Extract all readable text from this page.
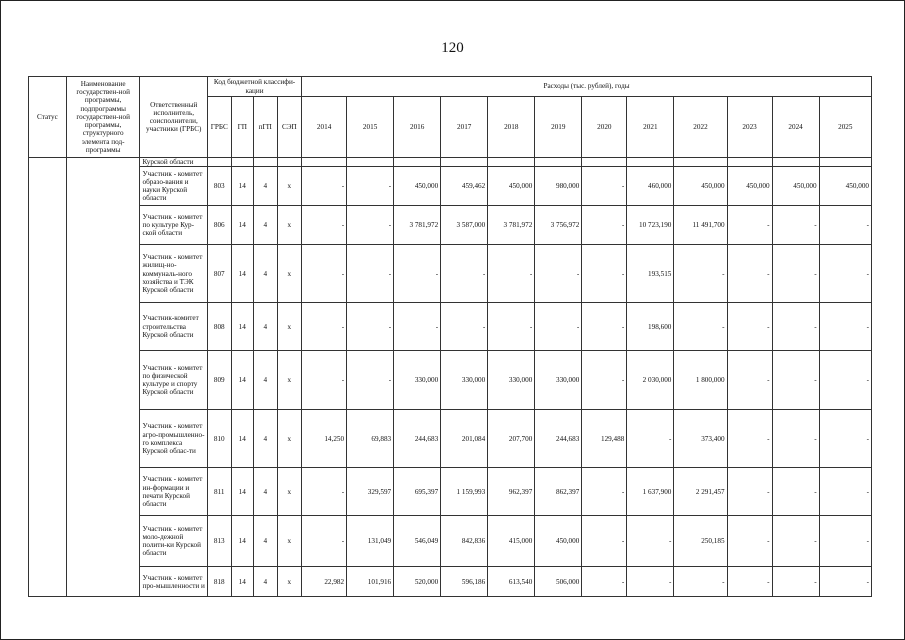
120
Статус	Наименование государствен-ной программы, подпрограммы государствен-ной программы, структурного элемента под-программы	Ответственный исполнитель, соисполнители, участники (ГРБС)	Код бюджетной классифи-кации				Расходы (тыс. рублей), годы											
			ГРБС	ГП	пГП	СЭП	2014	2015	2016	2017	2018	2019	2020	2021	2022	2023	2024	2025
		Курской области																
		Участник - комитет образо-вания и науки Курской области	803	14	4	х	-	-	450,000	459,462	450,000	980,000	-	460,000	450,000	450,000	450,000	450,000
		Участник - комитет по культуре Кур-ской области	806	14	4	х	-	-	3 781,972	3 587,000	3 781,972	3 756,972	-	10 723,190	11 491,700	-	-	-
		Участник - комитет жилищ-но-коммуналь-ного хозяйства и ТЭК Курской области	807	14	4	х	-	-	-	-	-	-	-	193,515	-	-	-	-
		Участник-комитет строительства Курской области	808	14	4	х	-	-	-	-	-	-	-	198,600	-	-	-	-
		Участник - комитет по физической культуре и спорту Курской области	809	14	4	х	-	-	330,000	330,000	330,000	330,000	-	2 030,000	1 800,000	-	-	-
		Участник - комитет агро-промышленно-го комплекса Курской облас-ти	810	14	4	х	14,250	69,883	244,683	201,084	207,700	244,683	129,488	-	373,400	-	-	-
		Участник - комитет ин-формации и печати Курской области	811	14	4	х	-	329,597	695,397	1 159,993	962,397	862,397	-	1 637,900	2 291,457	-	-	-
		Участник - комитет моло-дежной полити-ки Курской области	813	14	4	х	-	131,049	546,049	842,836	415,000	450,000	-	-	250,185	-	-	-
		Участник - комитет про-мышленности и	818	14	4	х	22,982	101,916	520,000	596,186	613,540	506,000	-	-	-	-	-	-
